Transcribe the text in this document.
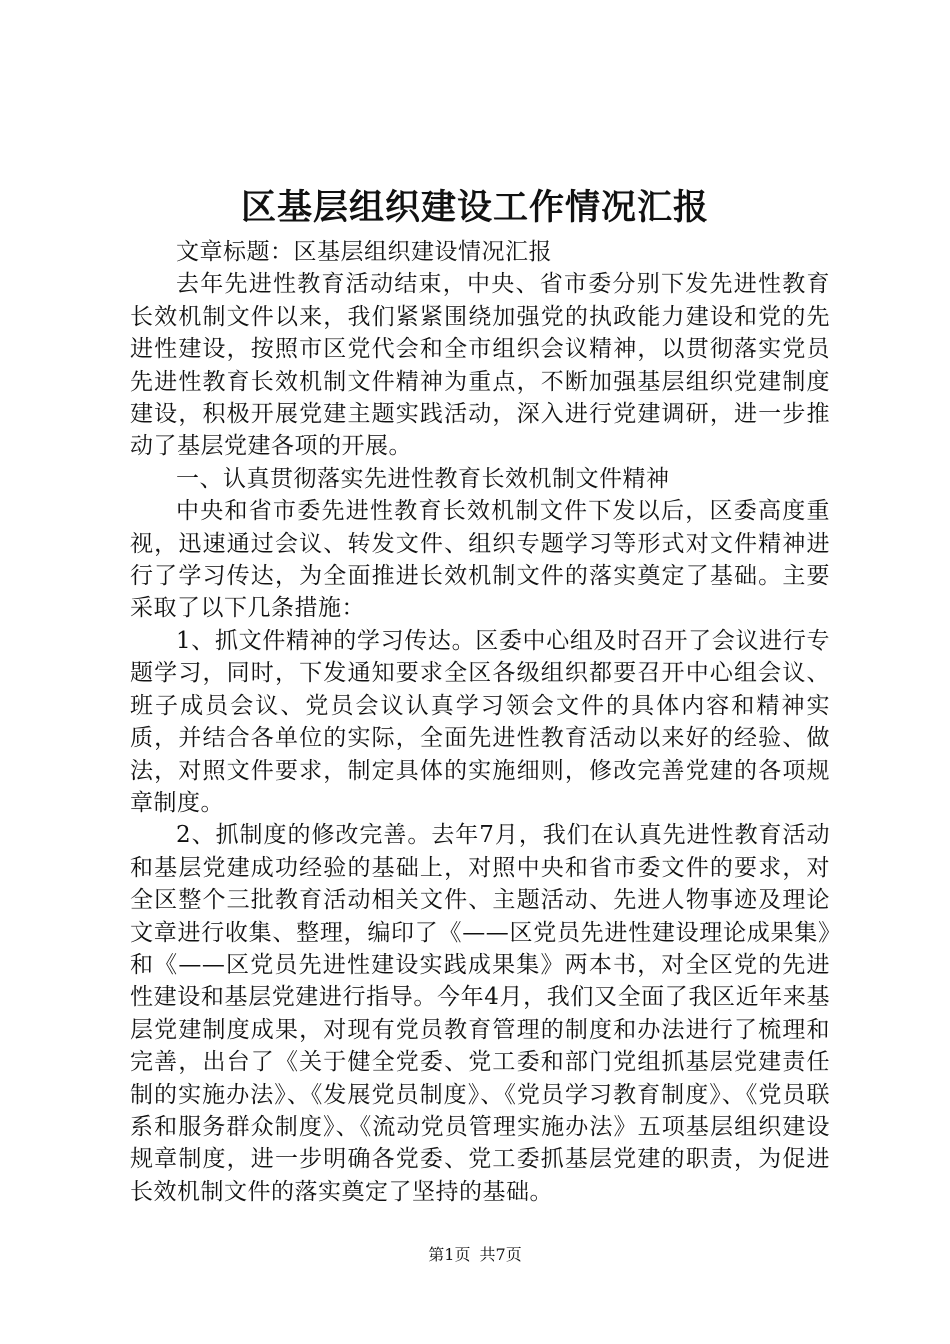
区基层组织建设工作情况汇报

文章标题：区基层组织建设情况汇报

去年先进性教育活动结束，中央、省市委分别下发先进性教育长效机制文件以来，我们紧紧围绕加强党的执政能力建设和党的先进性建设，按照市区党代会和全市组织会议精神，以贯彻落实党员先进性教育长效机制文件精神为重点，不断加强基层组织党建制度建设，积极开展党建主题实践活动，深入进行党建调研，进一步推动了基层党建各项的开展。

一、认真贯彻落实先进性教育长效机制文件精神

中央和省市委先进性教育长效机制文件下发以后，区委高度重视，迅速通过会议、转发文件、组织专题学习等形式对文件精神进行了学习传达，为全面推进长效机制文件的落实奠定了基础。主要采取了以下几条措施：

1、抓文件精神的学习传达。区委中心组及时召开了会议进行专题学习，同时，下发通知要求全区各级组织都要召开中心组会议、班子成员会议、党员会议认真学习领会文件的具体内容和精神实质，并结合各单位的实际，全面先进性教育活动以来好的经验、做法，对照文件要求，制定具体的实施细则，修改完善党建的各项规章制度。

2、抓制度的修改完善。去年7月，我们在认真先进性教育活动和基层党建成功经验的基础上，对照中央和省市委文件的要求，对全区整个三批教育活动相关文件、主题活动、先进人物事迹及理论文章进行收集、整理，编印了《——区党员先进性建设理论成果集》和《——区党员先进性建设实践成果集》两本书，对全区党的先进性建设和基层党建进行指导。今年4月，我们又全面了我区近年来基层党建制度成果，对现有党员教育管理的制度和办法进行了梳理和完善，出台了《关于健全党委、党工委和部门党组抓基层党建责任制的实施办法》、《发展党员制度》、《党员学习教育制度》、《党员联系和服务群众制度》、《流动党员管理实施办法》五项基层组织建设规章制度，进一步明确各党委、党工委抓基层党建的职责，为促进长效机制文件的落实奠定了坚持的基础。

第1页 共7页
